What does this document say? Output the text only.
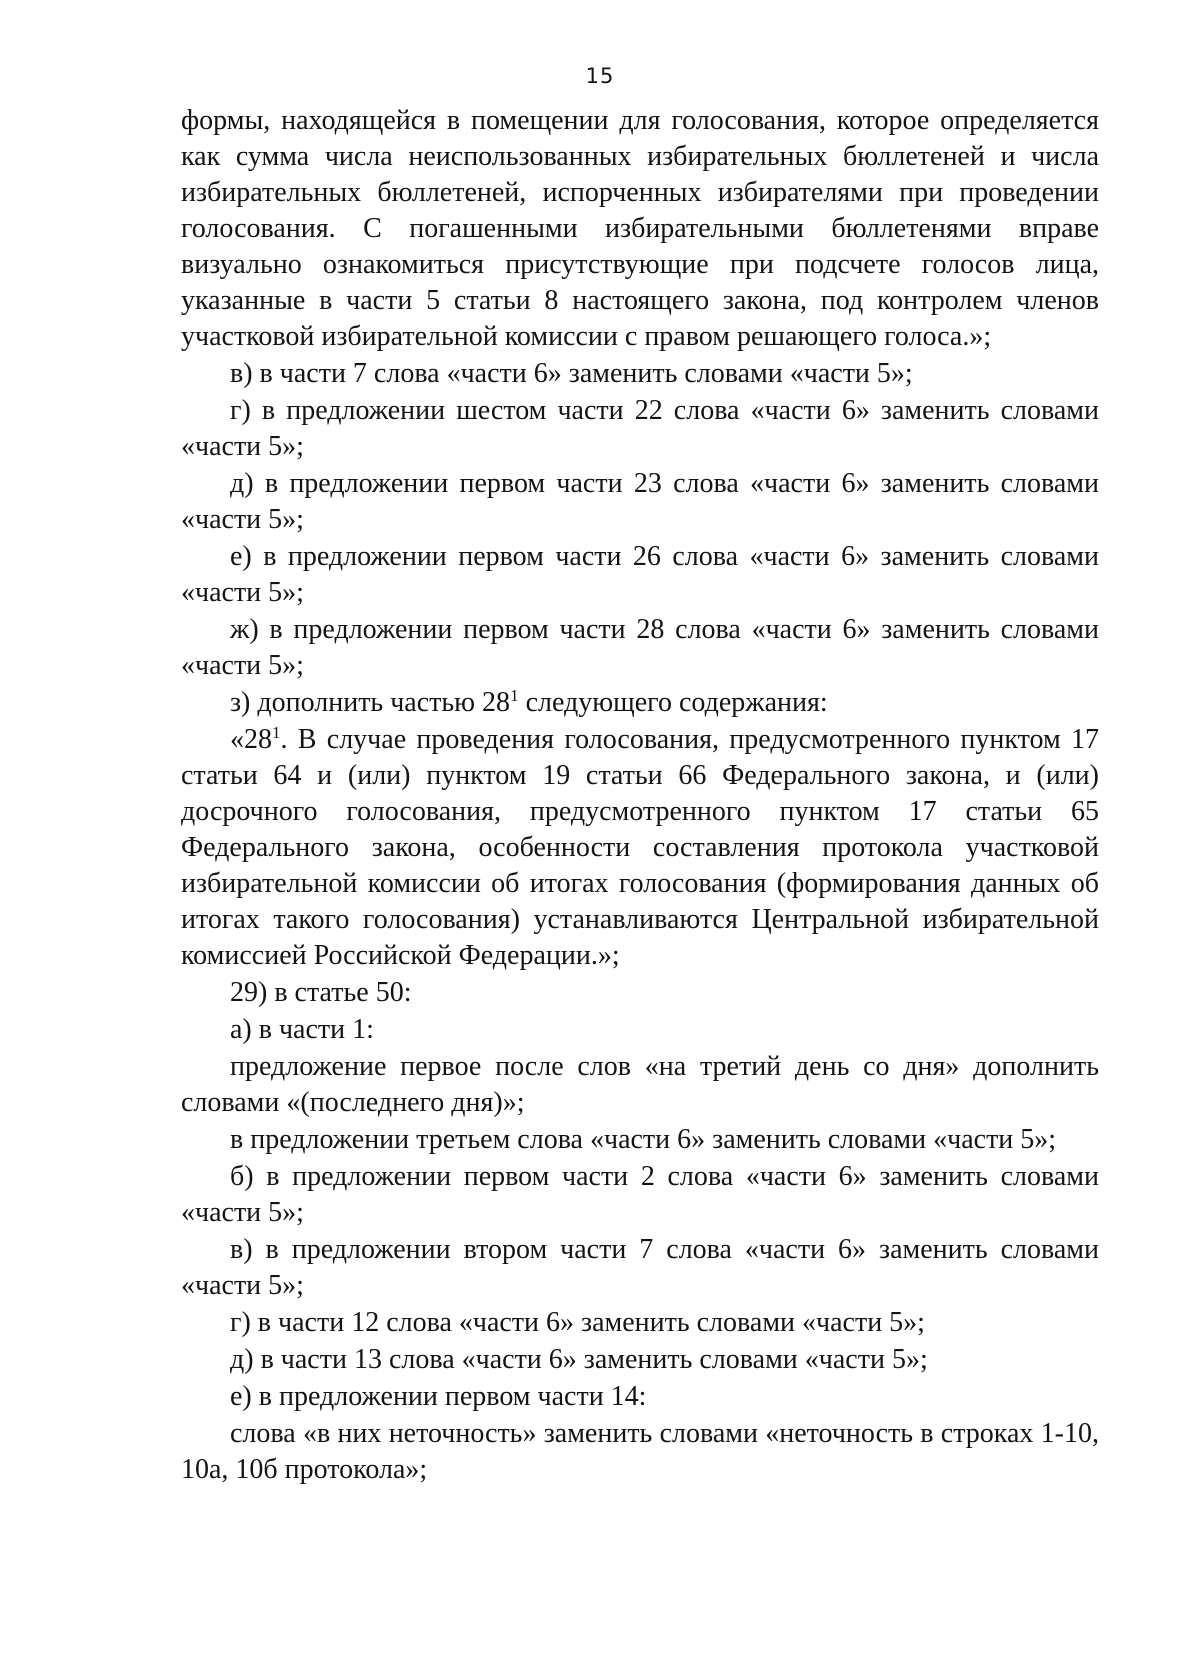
15

формы, находящейся в помещении для голосования, которое определяется как сумма числа неиспользованных избирательных бюллетеней и числа избирательных бюллетеней, испорченных избирателями при проведении голосования. С погашенными избирательными бюллетенями вправе визуально ознакомиться присутствующие при подсчете голосов лица, указанные в части 5 статьи 8 настоящего закона, под контролем членов участковой избирательной комиссии с правом решающего голоса.»;

в) в части 7 слова «части 6» заменить словами «части 5»;

г) в предложении шестом части 22 слова «части 6» заменить словами «части 5»;

д) в предложении первом части 23 слова «части 6» заменить словами «части 5»;

е) в предложении первом части 26 слова «части 6» заменить словами «части 5»;

ж) в предложении первом части 28 слова «части 6» заменить словами «части 5»;

з) дополнить частью $28^1$ следующего содержания:

«$28^1$. В случае проведения голосования, предусмотренного пунктом 17 статьи 64 и (или) пунктом 19 статьи 66 Федерального закона, и (или) досрочного голосования, предусмотренного пунктом 17 статьи 65 Федерального закона, особенности составления протокола участковой избирательной комиссии об итогах голосования (формирования данных об итогах такого голосования) устанавливаются Центральной избирательной комиссией Российской Федерации.»;

29) в статье 50:

а) в части 1:

предложение первое после слов «на третий день со дня» дополнить словами «(последнего дня)»;

в предложении третьем слова «части 6» заменить словами «части 5»;

б) в предложении первом части 2 слова «части 6» заменить словами «части 5»;

в) в предложении втором части 7 слова «части 6» заменить словами «части 5»;

г) в части 12 слова «части 6» заменить словами «части 5»;

д) в части 13 слова «части 6» заменить словами «части 5»;

е) в предложении первом части 14:

слова «в них неточность» заменить словами «неточность в строках 1-10, 10а, 10б протокола»;
